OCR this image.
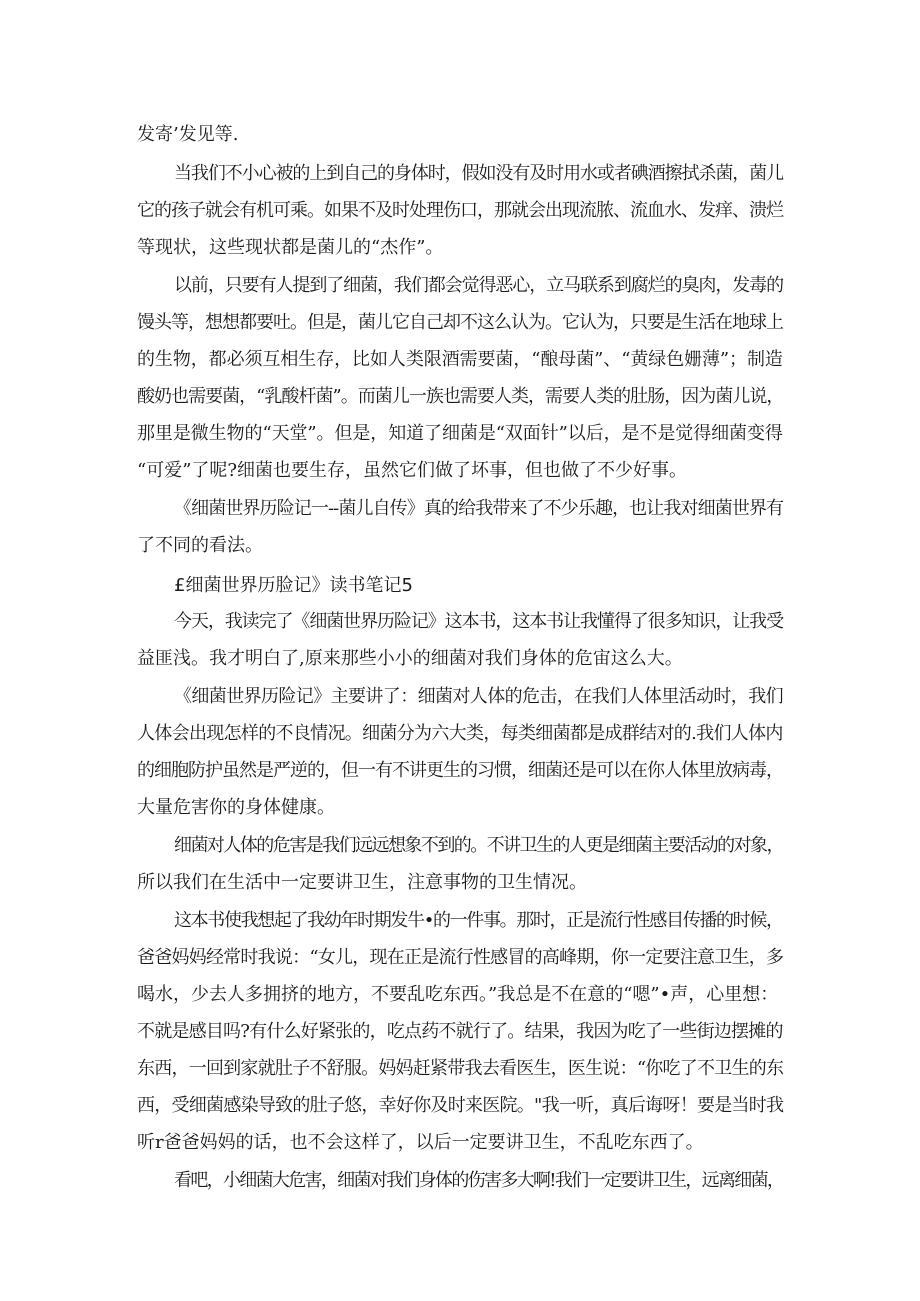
发寄’发见等.
当我们不小心被的上到自己的身体时，假如没有及时用水或者碘酒擦拭杀菌，菌儿
它的孩子就会有机可乘。如果不及时处理伤口，那就会出现流脓、流血水、发痒、溃烂
等现状，这些现状都是菌儿的“杰作”。
以前，只要有人提到了细菌，我们都会觉得恶心，立马联系到腐烂的臭肉，发毒的
馒头等，想想都要吐。但是，菌儿它自己却不这么认为。它认为，只要是生活在地球上
的生物，都必须互相生存，比如人类限酒需要菌，“酿母菌”、“黄绿色姗薄”；制造
酸奶也需要菌，“乳酸杆菌”。而菌儿一族也需要人类，需要人类的肚肠，因为菌儿说，
那里是微生物的“天堂”。但是，知道了细菌是“双面针”以后，是不是觉得细菌变得
“可爱”了呢?细菌也要生存，虽然它们做了坏事，但也做了不少好事。
《细菌世界历险记一--菌儿自传》真的给我带来了不少乐趣，也让我对细菌世界有
了不同的看法。
£细菌世界历脸记》读书笔记5
今天，我读完了《细菌世界历险记》这本书，这本书让我懂得了很多知识，让我受
益匪浅。我才明白了,原来那些小小的细菌对我们身体的危宙这么大。
《细菌世界历险记》主要讲了：细菌对人体的危击，在我们人体里活动时，我们
人体会出现怎样的不良情况。细菌分为六大类，每类细菌都是成群结对的.我们人体内
的细胞防护虽然是严逆的，但一有不讲更生的习惯，细菌还是可以在你人体里放病毒，
大量危害你的身体健康。
细菌对人体的危害是我们远远想象不到的。不讲卫生的人更是细菌主要活动的对象，
所以我们在生活中一定要讲卫生，注意事物的卫生情况。
这本书使我想起了我幼年时期发牛•的一件事。那时，正是流行性感目传播的时候，
爸爸妈妈经常时我说：“女儿，现在正是流行性感冒的高峰期，你一定要注意卫生，多
喝水，少去人多拥挤的地方，不要乱吃东西。”我总是不在意的“嗯”•声，心里想：
不就是感目吗?有什么好紧张的，吃点药不就行了。结果，我因为吃了一些街边摆摊的
东西，一回到家就肚子不舒服。妈妈赶紧带我去看医生，医生说：“你吃了不卫生的东
西，受细菌感染导致的肚子悠，幸好你及时来医院。"我一听，真后诲呀！要是当时我
听r爸爸妈妈的话，也不会这样了，以后一定要讲卫生，不乱吃东西了。
看吧，小细菌大危害，细菌对我们身体的伤害多大啊!我们一定要讲卫生，远离细菌，
